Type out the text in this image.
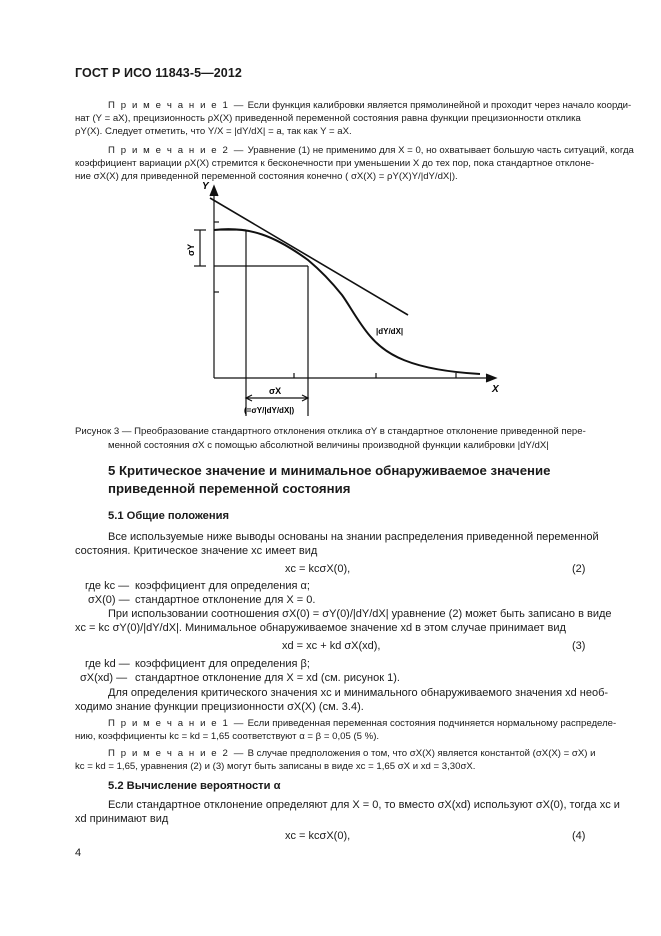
ГОСТ Р ИСО 11843-5—2012
П р и м е ч а н и е 1 — Если функция калибровки является прямолинейной и проходит через начало коорди-
нат (Y = aX), прецизионность ρX(X) приведенной переменной состояния равна функции прецизионности отклика
ρY(X). Следует отметить, что Y/X = |dY/dX| = a, так как Y = aX.
П р и м е ч а н и е 2 — Уравнение (1) не применимо для X = 0, но охватывает большую часть ситуаций, когда
коэффициент вариации ρX(X) стремится к бесконечности при уменьшении X до тех пор, пока стандартное отклоне-
ние σX(X) для приведенной переменной состояния конечно ( σX(X) = ρY(X)Y/|dY/dX|).
Y
X
σY
σX
(=σY/|dY/dX|)
|dY/dX|
Рисунок 3 — Преобразование стандартного отклонения отклика σY в стандартное отклонение приведенной пере-
менной состояния σX с помощью абсолютной величины производной функции калибровки |dY/dX|
5 Критическое значение и минимальное обнаруживаемое значение
приведенной переменной состояния
5.1 Общие положения
Все используемые ниже выводы основаны на знании распределения приведенной переменной
состояния. Критическое значение xc имеет вид
xc = kcσX(0),	(2)
где kc — коэффициент для определения α;
σX(0) — стандартное отклонение для X = 0.
При использовании соотношения σX(0) = σY(0)/|dY/dX| уравнение (2) может быть записано в виде
xc = kc σY(0)/|dY/dX|. Минимальное обнаруживаемое значение xd в этом случае принимает вид
xd = xc + kd σX(xd),	(3)
где kd — коэффициент для определения β;
σX(xd) — стандартное отклонение для X = xd (см. рисунок 1).
Для определения критического значения xc и минимального обнаруживаемого значения xd необ-
ходимо знание функции прецизионности σX(X) (см. 3.4).
П р и м е ч а н и е 1 — Если приведенная переменная состояния подчиняется нормальному распределе-
нию, коэффициенты kc = kd = 1,65 соответствуют α = β = 0,05 (5 %).
П р и м е ч а н и е 2 — В случае предположения о том, что σX(X) является константой (σX(X) = σX) и
kc = kd = 1,65, уравнения (2) и (3) могут быть записаны в виде xc = 1,65 σX и xd = 3,30σX.
5.2 Вычисление вероятности α
Если стандартное отклонение определяют для X = 0, то вместо σX(xd) используют σX(0), тогда xc и
xd принимают вид
xc = kcσX(0),	(4)
4
